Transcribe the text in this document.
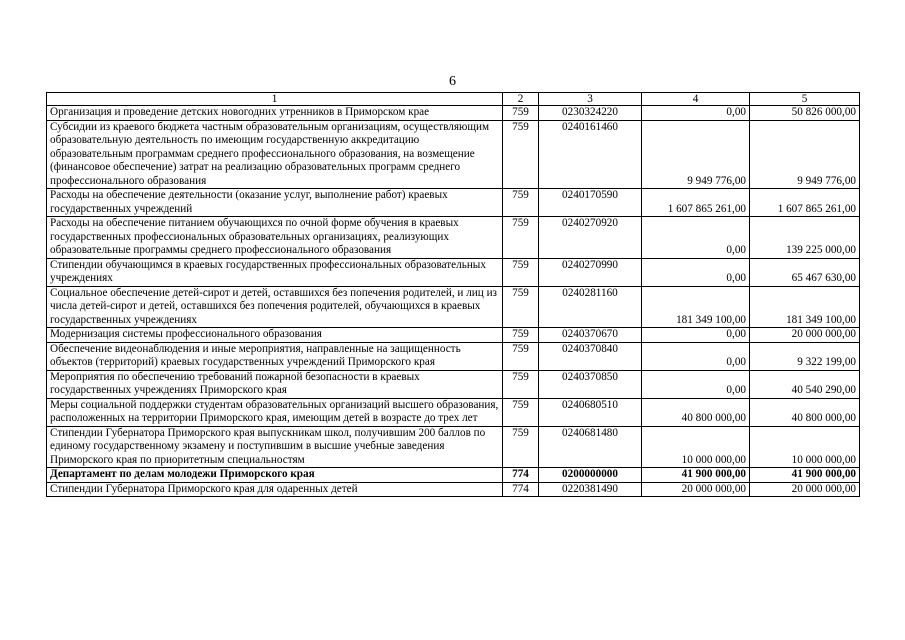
6
1	2	3	4	5
Организация и проведение детских новогодних утренников в Приморском крае	759	0230324220	0,00	50 826 000,00
Субсидии из краевого бюджета частным образовательным организациям, осуществляющим образовательную деятельность по имеющим государственную аккредитацию образовательным программам среднего профессионального образования, на возмещение (финансовое обеспечение) затрат на реализацию образовательных программ среднего профессионального образования	759	0240161460	9 949 776,00	9 949 776,00
Расходы на обеспечение деятельности (оказание услуг, выполнение работ) краевых государственных учреждений	759	0240170590	1 607 865 261,00	1 607 865 261,00
Расходы на обеспечение питанием обучающихся по очной форме обучения в краевых государственных профессиональных образовательных организациях, реализующих образовательные программы среднего профессионального образования	759	0240270920	0,00	139 225 000,00
Стипендии обучающимся в краевых государственных профессиональных образовательных учреждениях	759	0240270990	0,00	65 467 630,00
Социальное обеспечение детей-сирот и детей, оставшихся без попечения родителей, и лиц из числа детей-сирот и детей, оставшихся без попечения родителей, обучающихся в краевых государственных учреждениях	759	0240281160	181 349 100,00	181 349 100,00
Модернизация системы профессионального образования	759	0240370670	0,00	20 000 000,00
Обеспечение видеонаблюдения и иные мероприятия, направленные на защищенность объектов (территорий) краевых государственных учреждений Приморского края	759	0240370840	0,00	9 322 199,00
Мероприятия по обеспечению требований пожарной безопасности в краевых государственных учреждениях Приморского края	759	0240370850	0,00	40 540 290,00
Меры социальной поддержки студентам образовательных организаций высшего образования, расположенных на территории Приморского края, имеющим детей в возрасте до трех лет	759	0240680510	40 800 000,00	40 800 000,00
Стипендии Губернатора Приморского края выпускникам школ, получившим 200 баллов по единому государственному экзамену и поступившим в высшие учебные заведения Приморского края по приоритетным специальностям	759	0240681480	10 000 000,00	10 000 000,00
Департамент по делам молодежи Приморского края	774	0200000000	41 900 000,00	41 900 000,00
Стипендии Губернатора Приморского края для одаренных детей	774	0220381490	20 000 000,00	20 000 000,00
